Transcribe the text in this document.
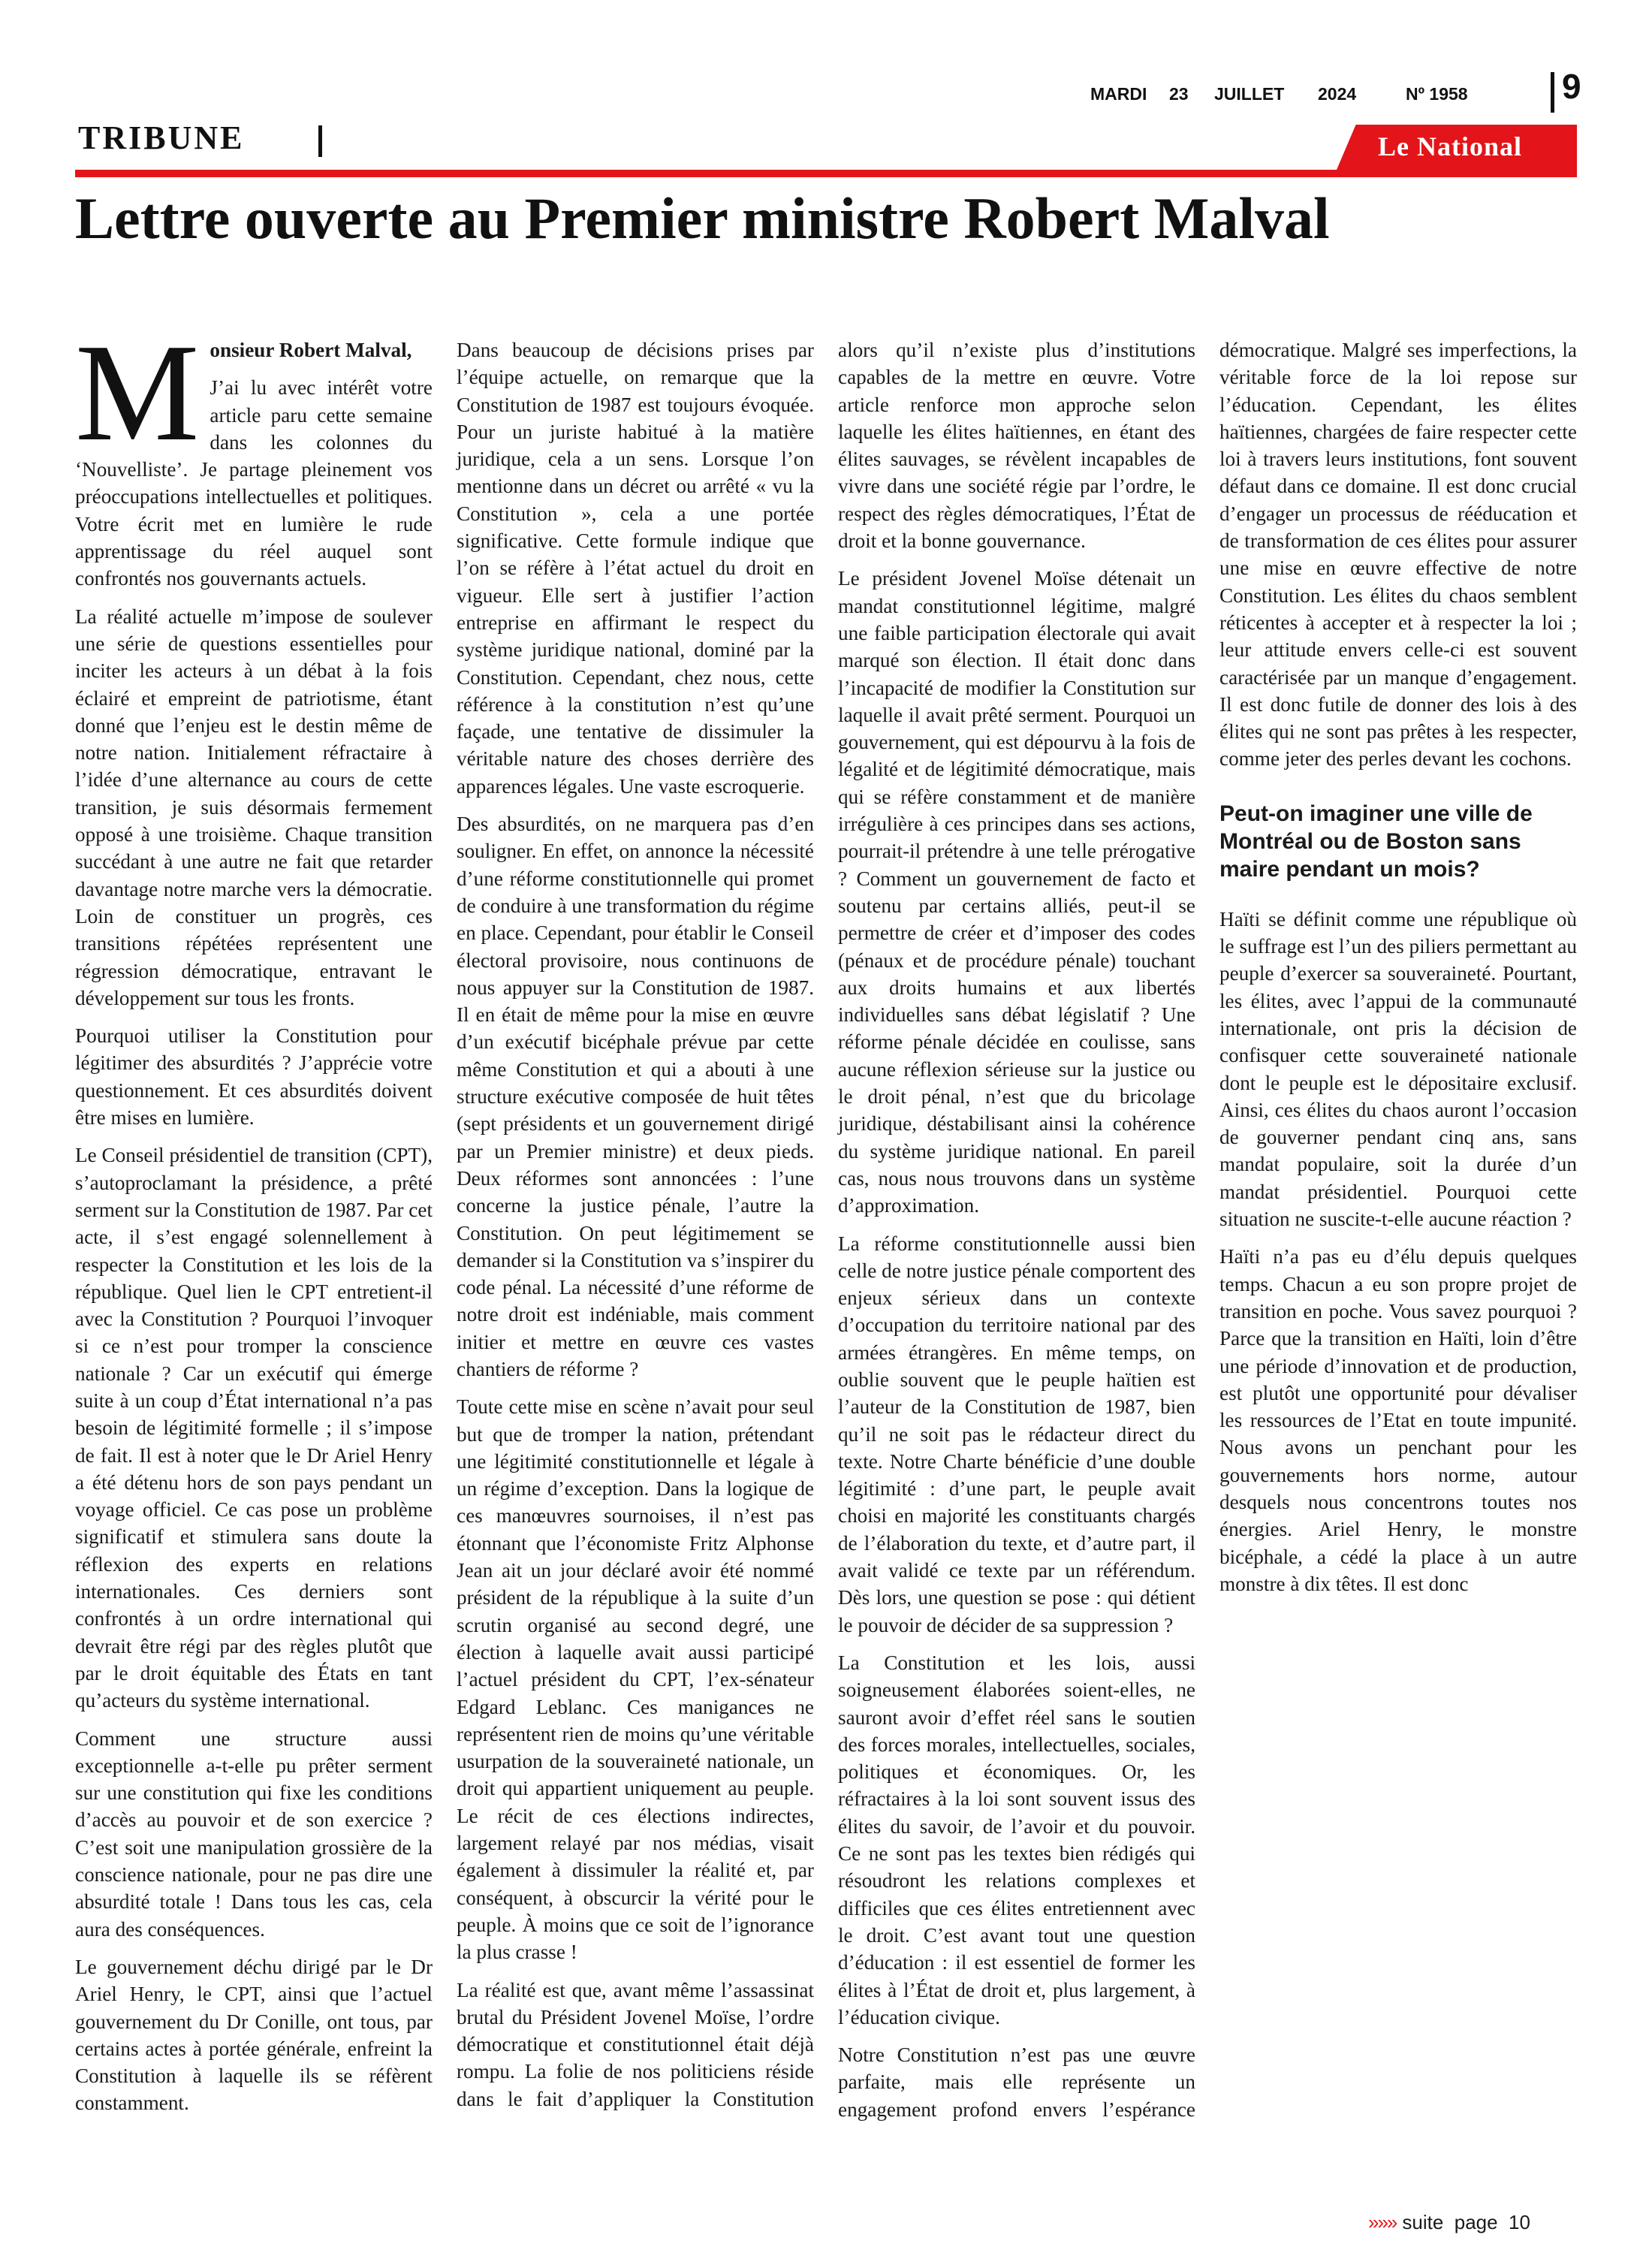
MARDI 23 JUILLET 2024	Nº 1958	9
TRIBUNE	Le National
Lettre ouverte au Premier ministre Robert Malval

Monsieur Robert Malval,

J’ai lu avec intérêt votre article paru cette semaine dans les colonnes du ‘Nouvelliste’. Je partage pleinement vos préoccupations intellectuelles et politiques. Votre écrit met en lumière le rude apprentissage du réel auquel sont confrontés nos gouvernants actuels.

La réalité actuelle m’impose de soulever une série de questions essentielles pour inciter les acteurs à un débat à la fois éclairé et empreint de patriotisme, étant donné que l’enjeu est le destin même de notre nation. Initialement réfractaire à l’idée d’une alternance au cours de cette transition, je suis désormais fermement opposé à une troisième. Chaque transition succédant à une autre ne fait que retarder davantage notre marche vers la démocratie. Loin de constituer un progrès, ces transitions répétées représentent une régression démocratique, entravant le développement sur tous les fronts.

Pourquoi utiliser la Constitution pour légitimer des absurdités ? J’apprécie votre questionnement. Et ces absurdités doivent être mises en lumière.

Le Conseil présidentiel de transition (CPT), s’autoproclamant la présidence, a prêté serment sur la Constitution de 1987. Par cet acte, il s’est engagé solennellement à respecter la Constitution et les lois de la république. Quel lien le CPT entretient-il avec la Constitution ? Pourquoi l’invoquer si ce n’est pour tromper la conscience nationale ? Car un exécutif qui émerge suite à un coup d’État international n’a pas besoin de légitimité formelle ; il s’impose de fait. Il est à noter que le Dr Ariel Henry a été détenu hors de son pays pendant un voyage officiel. Ce cas pose un problème significatif et stimulera sans doute la réflexion des experts en relations internationales. Ces derniers sont confrontés à un ordre international qui devrait être régi par des règles plutôt que par le droit équitable des États en tant qu’acteurs du système international.

Comment une structure aussi exceptionnelle a-t-elle pu prêter serment sur une constitution qui fixe les conditions d’accès au pouvoir et de son exercice ? C’est soit une manipulation grossière de la conscience nationale, pour ne pas dire une absurdité totale ! Dans tous les cas, cela aura des conséquences.

Le gouvernement déchu dirigé par le Dr Ariel Henry, le CPT, ainsi que l’actuel gouvernement du Dr Conille, ont tous, par certains actes à portée générale, enfreint la Constitution à laquelle ils se réfèrent constamment.

Dans beaucoup de décisions prises par l’équipe actuelle, on remarque que la Constitution de 1987 est toujours évoquée. Pour un juriste habitué à la matière juridique, cela a un sens. Lorsque l’on mentionne dans un décret ou arrêté « vu la Constitution », cela a une portée significative. Cette formule indique que l’on se réfère à l’état actuel du droit en vigueur. Elle sert à justifier l’action entreprise en affirmant le respect du système juridique national, dominé par la Constitution. Cependant, chez nous, cette référence à la constitution n’est qu’une façade, une tentative de dissimuler la véritable nature des choses derrière des apparences légales. Une vaste escroquerie.

Des absurdités, on ne marquera pas d’en souligner. En effet, on annonce la nécessité d’une réforme constitutionnelle qui promet de conduire à une transformation du régime en place. Cependant, pour établir le Conseil électoral provisoire, nous continuons de nous appuyer sur la Constitution de 1987. Il en était de même pour la mise en œuvre d’un exécutif bicéphale prévue par cette même Constitution et qui a abouti à une structure exécutive composée de huit têtes (sept présidents et un gouvernement dirigé par un Premier ministre) et deux pieds. Deux réformes sont annoncées : l’une concerne la justice pénale, l’autre la Constitution. On peut légitimement se demander si la Constitution va s’inspirer du code pénal. La nécessité d’une réforme de notre droit est indéniable, mais comment initier et mettre en œuvre ces vastes chantiers de réforme ?

Toute cette mise en scène n’avait pour seul but que de tromper la nation, prétendant une légitimité constitutionnelle et légale à un régime d’exception. Dans la logique de ces manœuvres sournoises, il n’est pas étonnant que l’économiste Fritz Alphonse Jean ait un jour déclaré avoir été nommé président de la république à la suite d’un scrutin organisé au second degré, une élection à laquelle avait aussi participé l’actuel président du CPT, l’ex-sénateur Edgard Leblanc. Ces manigances ne représentent rien de moins qu’une véritable usurpation de la souveraineté nationale, un droit qui appartient uniquement au peuple. Le récit de ces élections indirectes, largement relayé par nos médias, visait également à dissimuler la réalité et, par conséquent, à obscurcir la vérité pour le peuple. À moins que ce soit de l’ignorance la plus crasse !

La réalité est que, avant même l’assassinat brutal du Président Jovenel Moïse, l’ordre démocratique et constitutionnel était déjà rompu. La folie de nos politiciens réside dans le fait d’appliquer la Constitution alors qu’il n’existe plus d’institutions capables de la mettre en œuvre. Votre article renforce mon approche selon laquelle les élites haïtiennes, en étant des élites sauvages, se révèlent incapables de vivre dans une société régie par l’ordre, le respect des règles démocratiques, l’État de droit et la bonne gouvernance.

Le président Jovenel Moïse détenait un mandat constitutionnel légitime, malgré une faible participation électorale qui avait marqué son élection. Il était donc dans l’incapacité de modifier la Constitution sur laquelle il avait prêté serment. Pourquoi un gouvernement, qui est dépourvu à la fois de légalité et de légitimité démocratique, mais qui se réfère constamment et de manière irrégulière à ces principes dans ses actions, pourrait-il prétendre à une telle prérogative ? Comment un gouvernement de facto et soutenu par certains alliés, peut-il se permettre de créer et d’imposer des codes (pénaux et de procédure pénale) touchant aux droits humains et aux libertés individuelles sans débat législatif ? Une réforme pénale décidée en coulisse, sans aucune réflexion sérieuse sur la justice ou le droit pénal, n’est que du bricolage juridique, déstabilisant ainsi la cohérence du système juridique national. En pareil cas, nous nous trouvons dans un système d’approximation.

La réforme constitutionnelle aussi bien celle de notre justice pénale comportent des enjeux sérieux dans un contexte d’occupation du territoire national par des armées étrangères. En même temps, on oublie souvent que le peuple haïtien est l’auteur de la Constitution de 1987, bien qu’il ne soit pas le rédacteur direct du texte. Notre Charte bénéficie d’une double légitimité : d’une part, le peuple avait choisi en majorité les constituants chargés de l’élaboration du texte, et d’autre part, il avait validé ce texte par un référendum. Dès lors, une question se pose : qui détient le pouvoir de décider de sa suppression ?

La Constitution et les lois, aussi soigneusement élaborées soient-elles, ne sauront avoir d’effet réel sans le soutien des forces morales, intellectuelles, sociales, politiques et économiques. Or, les réfractaires à la loi sont souvent issus des élites du savoir, de l’avoir et du pouvoir. Ce ne sont pas les textes bien rédigés qui résoudront les relations complexes et difficiles que ces élites entretiennent avec le droit. C’est avant tout une question d’éducation : il est essentiel de former les élites à l’État de droit et, plus largement, à l’éducation civique.

Notre Constitution n’est pas une œuvre parfaite, mais elle représente un engagement profond envers l’espérance démocratique. Malgré ses imperfections, la véritable force de la loi repose sur l’éducation. Cependant, les élites haïtiennes, chargées de faire respecter cette loi à travers leurs institutions, font souvent défaut dans ce domaine. Il est donc crucial d’engager un processus de rééducation et de transformation de ces élites pour assurer une mise en œuvre effective de notre Constitution. Les élites du chaos semblent réticentes à accepter et à respecter la loi ; leur attitude envers celle-ci est souvent caractérisée par un manque d’engagement. Il est donc futile de donner des lois à des élites qui ne sont pas prêtes à les respecter, comme jeter des perles devant les cochons.

Peut-on imaginer une ville de Montréal ou de Boston sans maire pendant un mois?

Haïti se définit comme une république où le suffrage est l’un des piliers permettant au peuple d’exercer sa souveraineté. Pourtant, les élites, avec l’appui de la communauté internationale, ont pris la décision de confisquer cette souveraineté nationale dont le peuple est le dépositaire exclusif. Ainsi, ces élites du chaos auront l’occasion de gouverner pendant cinq ans, sans mandat populaire, soit la durée d’un mandat présidentiel. Pourquoi cette situation ne suscite-t-elle aucune réaction ?

Haïti n’a pas eu d’élu depuis quelques temps. Chacun a eu son propre projet de transition en poche. Vous savez pourquoi ? Parce que la transition en Haïti, loin d’être une période d’innovation et de production, est plutôt une opportunité pour dévaliser les ressources de l’Etat en toute impunité. Nous avons un penchant pour les gouvernements hors norme, autour desquels nous concentrons toutes nos énergies. Ariel Henry, le monstre bicéphale, a cédé la place à un autre monstre à dix têtes. Il est donc

»»» suite  page  10
